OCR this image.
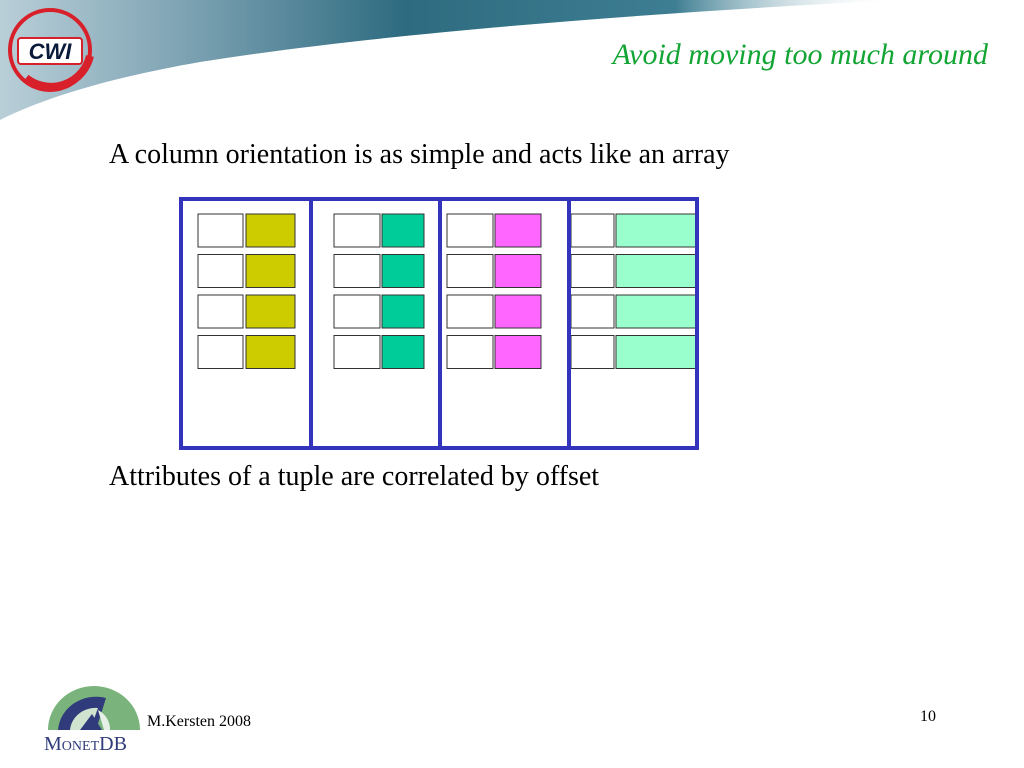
CWI	Avoid moving too much around
A column orientation is as simple and acts like an array
Attributes of a tuple are correlated by offset
MONETDB
M.Kersten 2008	10
